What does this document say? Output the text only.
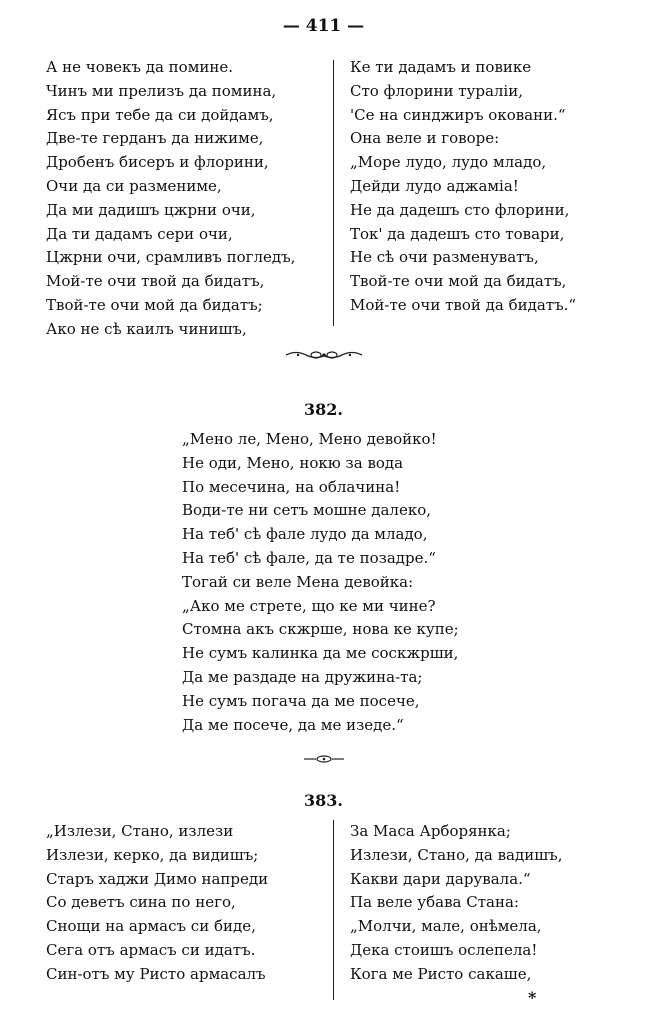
— 411 —
А не човекъ да помине.
Чинъ ми прелизъ да помина,
Ясъ при тебе да си дойдамъ,
Две-те герданъ да нижиме,
Дробенъ бисеръ и флорини,
Очи да си размениме,
Да ми дадишъ цжрни очи,
Да ти дадамъ сери очи,
Цжрни очи, срамливъ погледъ,
Мой-те очи твой да бидатъ,
Твой-те очи мой да бидатъ;
Ако не сѣ каилъ чинишъ,
Ке ти дадамъ и повике
Сто флорини туралiи,
'Се на синджиръ оковани.“
Она веле и говоре:
„Море лудо, лудо младо,
Дейди лудо аджамiа!
Не да дадешъ сто флорини,
Ток' да дадешъ сто товари,
Не сѣ очи разменуватъ,
Твой-те очи мой да бидатъ,
Мой-те очи твой да бидатъ.“
382.
„Мено ле, Мено, Мено девойко!
Не оди, Мено, нокю за вода
По месечина, на облачина!
Води-те ни сетъ мошне далеко,
На теб' сѣ фале лудо да младо,
На теб' сѣ фале, да те позадре.“
Тогай си веле Мена девойка:
„Ако ме стрете, що ке ми чине?
Стомна акъ скжрше, нова ке купе;
Не сумъ калинка да ме соскжрши,
Да ме раздаде на дружина-та;
Не сумъ погача да ме посече,
Да ме посече, да ме изеде.“
383.
„Излези, Стано, излези
Излези, керко, да видишъ;
Старъ хаджи Димо напреди
Со деветъ сина по него,
Снощи на армасъ си биде,
Сега отъ армасъ си идатъ.
Син-отъ му Ристо армасалъ
За Маса Арборянка;
Излези, Стано, да вадишъ,
Какви дари дарувала.“
Па веле убава Стана:
„Молчи, мале, онѣмела,
Дека стоишъ ослепела!
Кога ме Ристо сакаше,
*
